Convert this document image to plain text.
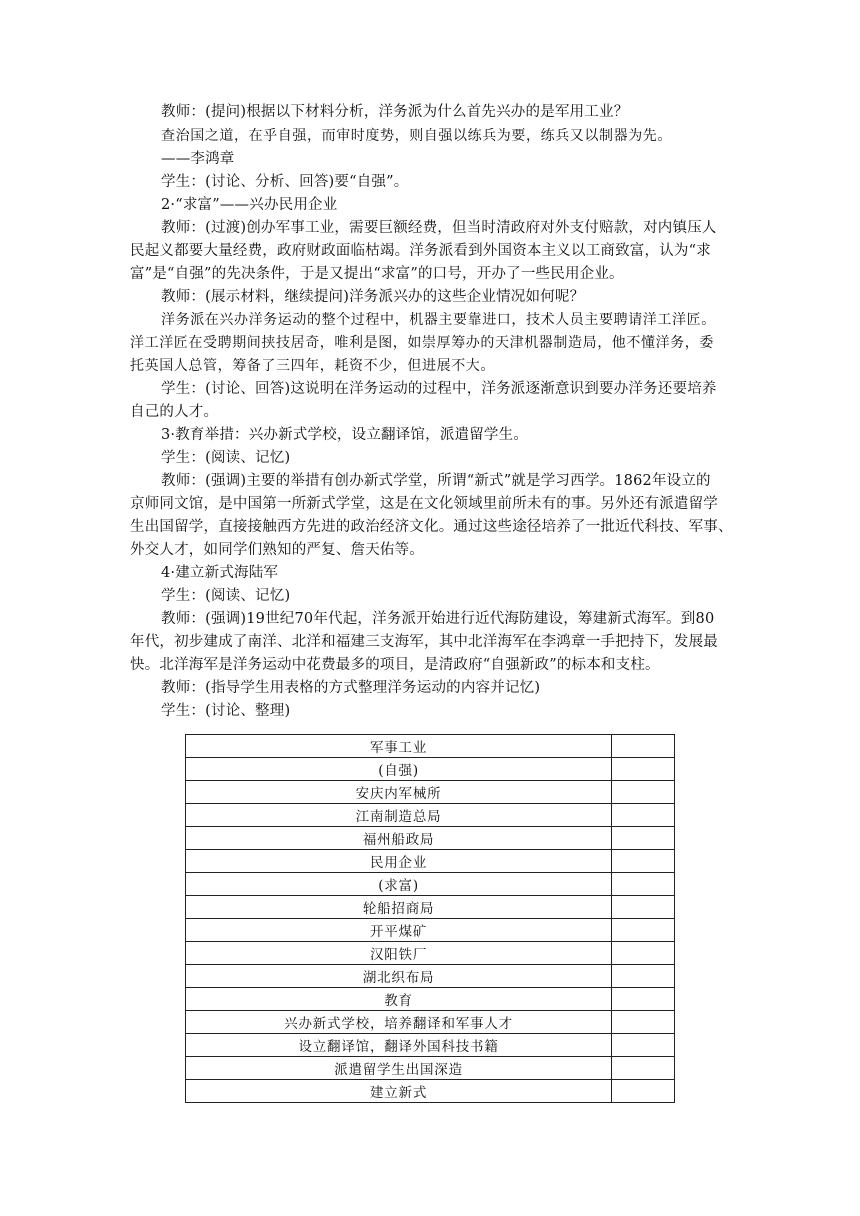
教师：(提问)根据以下材料分析，洋务派为什么首先兴办的是军用工业？
查治国之道，在乎自强，而审时度势，则自强以练兵为要，练兵又以制器为先。
——李鸿章
学生：(讨论、分析、回答)要“自强”。
2·“求富”——兴办民用企业
教师：(过渡)创办军事工业，需要巨额经费，但当时清政府对外支付赔款，对内镇压人
民起义都要大量经费，政府财政面临枯竭。洋务派看到外国资本主义以工商致富，认为“求
富”是“自强”的先决条件，于是又提出“求富”的口号，开办了一些民用企业。
教师：(展示材料，继续提问)洋务派兴办的这些企业情况如何呢？
洋务派在兴办洋务运动的整个过程中，机器主要靠进口，技术人员主要聘请洋工洋匠。
洋工洋匠在受聘期间挟技居奇，唯利是图，如崇厚筹办的天津机器制造局，他不懂洋务，委
托英国人总管，筹备了三四年，耗资不少，但进展不大。
学生：(讨论、回答)这说明在洋务运动的过程中，洋务派逐渐意识到要办洋务还要培养
自己的人才。
3·教育举措：兴办新式学校，设立翻译馆，派遣留学生。
学生：(阅读、记忆)
教师：(强调)主要的举措有创办新式学堂，所谓“新式”就是学习西学。1862年设立的
京师同文馆，是中国第一所新式学堂，这是在文化领域里前所未有的事。另外还有派遣留学
生出国留学，直接接触西方先进的政治经济文化。通过这些途径培养了一批近代科技、军事、
外交人才，如同学们熟知的严复、詹天佑等。
4·建立新式海陆军
学生：(阅读、记忆)
教师：(强调)19世纪70年代起，洋务派开始进行近代海防建设，筹建新式海军。到80
年代，初步建成了南洋、北洋和福建三支海军，其中北洋海军在李鸿章一手把持下，发展最
快。北洋海军是洋务运动中花费最多的项目，是清政府“自强新政”的标本和支柱。
教师：(指导学生用表格的方式整理洋务运动的内容并记忆)
学生：(讨论、整理)
军事工业	
(自强)	
安庆内军械所	
江南制造总局	
福州船政局	
民用企业	
(求富)	
轮船招商局	
开平煤矿	
汉阳铁厂	
湖北织布局	
教育	
兴办新式学校，培养翻译和军事人才	
设立翻译馆，翻译外国科技书籍	
派遣留学生出国深造	
建立新式	
